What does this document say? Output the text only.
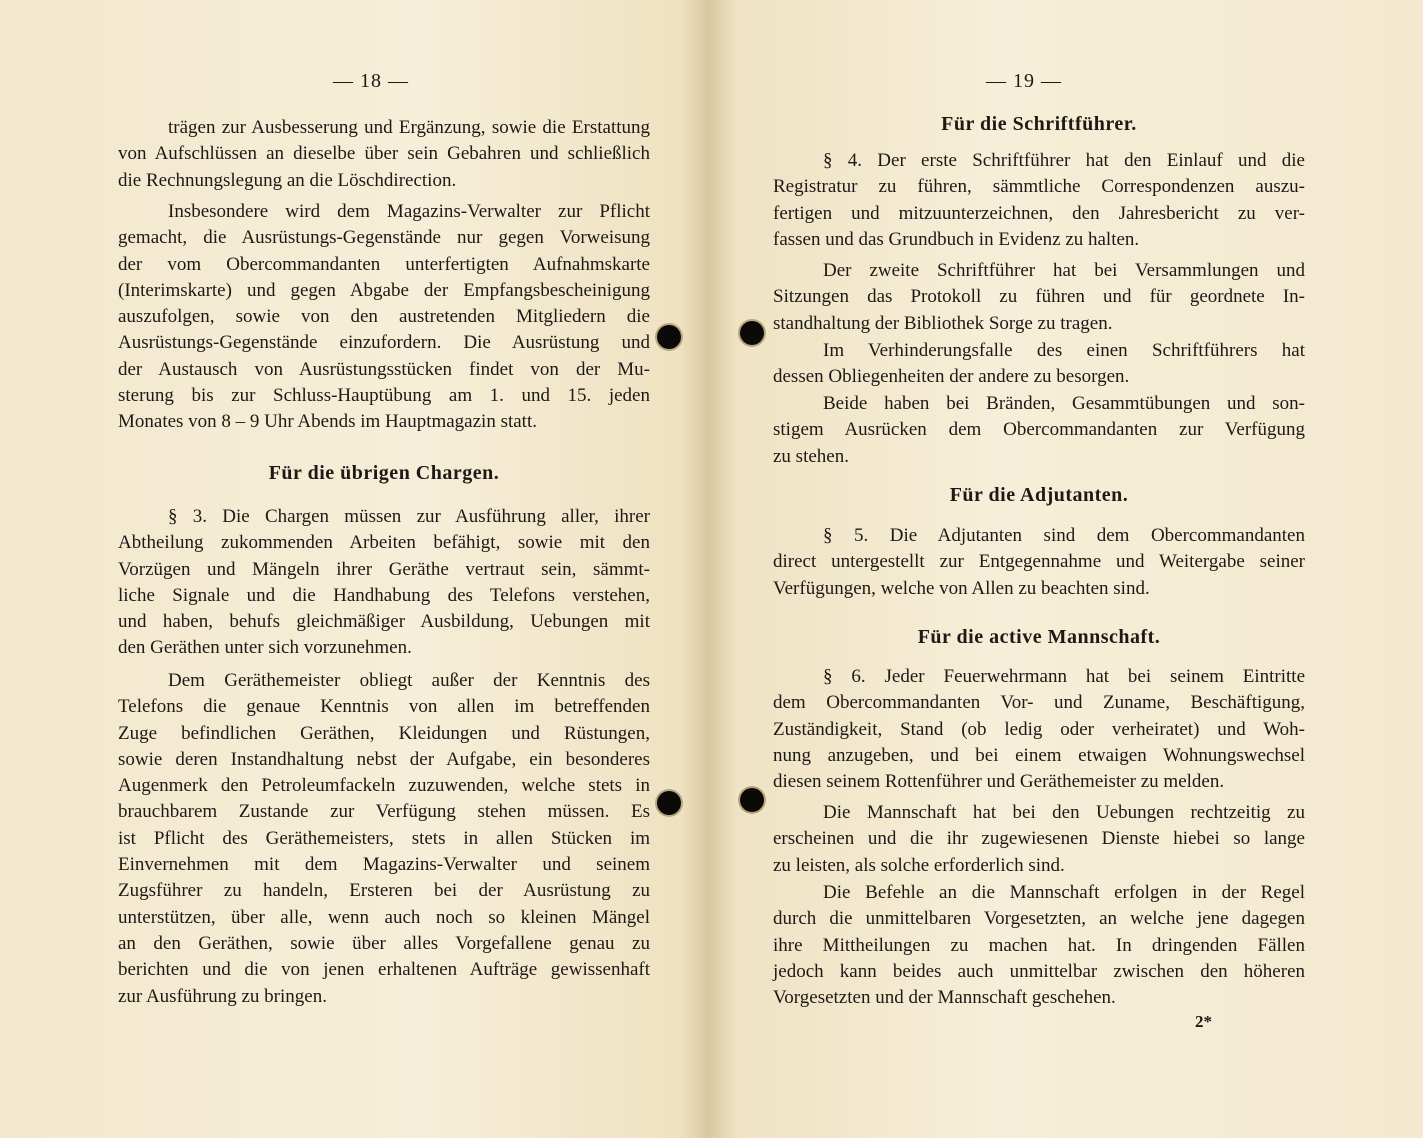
— 18 —
trägen zur Ausbesserung und Ergänzung, sowie die Erstattung
von Aufschlüssen an dieselbe über sein Gebahren und schließlich
die Rechnungslegung an die Löschdirection.
Insbesondere wird dem Magazins-Verwalter zur Pflicht
gemacht, die Ausrüstungs-Gegenstände nur gegen Vorweisung
der vom Obercommandanten unterfertigten Aufnahmskarte
(Interimskarte) und gegen Abgabe der Empfangsbescheinigung
auszufolgen, sowie von den austretenden Mitgliedern die
Ausrüstungs-Gegenstände einzufordern. Die Ausrüstung und
der Austausch von Ausrüstungsstücken findet von der Mu-
sterung bis zur Schluss-Hauptübung am 1. und 15. jeden
Monates von 8 – 9 Uhr Abends im Hauptmagazin statt.
Für die übrigen Chargen.
§ 3. Die Chargen müssen zur Ausführung aller, ihrer
Abtheilung zukommenden Arbeiten befähigt, sowie mit den
Vorzügen und Mängeln ihrer Geräthe vertraut sein, sämmt-
liche Signale und die Handhabung des Telefons verstehen,
und haben, behufs gleichmäßiger Ausbildung, Uebungen mit
den Geräthen unter sich vorzunehmen.
Dem Geräthemeister obliegt außer der Kenntnis des
Telefons die genaue Kenntnis von allen im betreffenden
Zuge befindlichen Geräthen, Kleidungen und Rüstungen,
sowie deren Instandhaltung nebst der Aufgabe, ein besonderes
Augenmerk den Petroleumfackeln zuzuwenden, welche stets in
brauchbarem Zustande zur Verfügung stehen müssen. Es
ist Pflicht des Geräthemeisters, stets in allen Stücken im
Einvernehmen mit dem Magazins-Verwalter und seinem
Zugsführer zu handeln, Ersteren bei der Ausrüstung zu
unterstützen, über alle, wenn auch noch so kleinen Mängel
an den Geräthen, sowie über alles Vorgefallene genau zu
berichten und die von jenen erhaltenen Aufträge gewissenhaft
zur Ausführung zu bringen.
— 19 —
2*
Für die Schriftführer.
§ 4. Der erste Schriftführer hat den Einlauf und die
Registratur zu führen, sämmtliche Correspondenzen auszu-
fertigen und mitzuunterzeichnen, den Jahresbericht zu ver-
fassen und das Grundbuch in Evidenz zu halten.
Der zweite Schriftführer hat bei Versammlungen und
Sitzungen das Protokoll zu führen und für geordnete In-
standhaltung der Bibliothek Sorge zu tragen.
Im Verhinderungsfalle des einen Schriftführers hat
dessen Obliegenheiten der andere zu besorgen.
Beide haben bei Bränden, Gesammtübungen und son-
stigem Ausrücken dem Obercommandanten zur Verfügung
zu stehen.
Für die Adjutanten.
§ 5. Die Adjutanten sind dem Obercommandanten
direct untergestellt zur Entgegennahme und Weitergabe seiner
Verfügungen, welche von Allen zu beachten sind.
Für die active Mannschaft.
§ 6. Jeder Feuerwehrmann hat bei seinem Eintritte
dem Obercommandanten Vor- und Zuname, Beschäftigung,
Zuständigkeit, Stand (ob ledig oder verheiratet) und Woh-
nung anzugeben, und bei einem etwaigen Wohnungswechsel
diesen seinem Rottenführer und Geräthemeister zu melden.
Die Mannschaft hat bei den Uebungen rechtzeitig zu
erscheinen und die ihr zugewiesenen Dienste hiebei so lange
zu leisten, als solche erforderlich sind.
Die Befehle an die Mannschaft erfolgen in der Regel
durch die unmittelbaren Vorgesetzten, an welche jene dagegen
ihre Mittheilungen zu machen hat. In dringenden Fällen
jedoch kann beides auch unmittelbar zwischen den höheren
Vorgesetzten und der Mannschaft geschehen.
